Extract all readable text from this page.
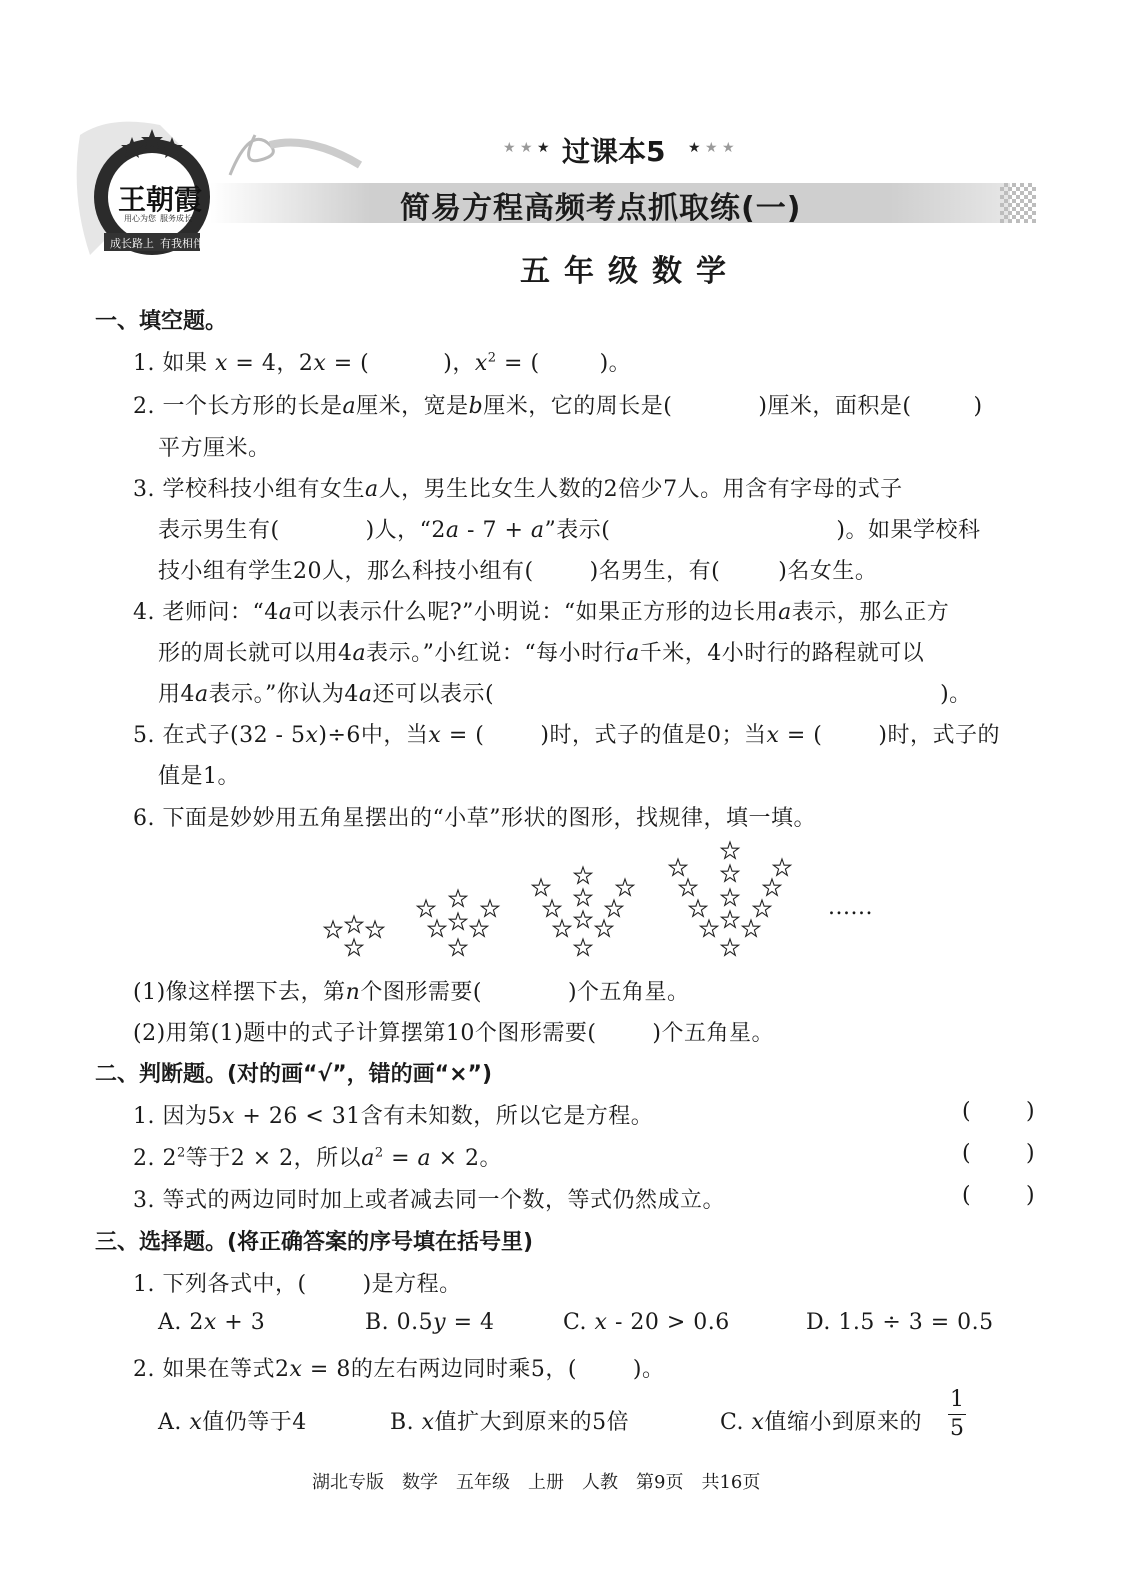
王朝霞
用心为您 服务成长
成长路上 有我相伴
★ ★ ★ 过课本5 ★ ★ ★
简易方程高频考点抓取练(一)
五年级数学
一、填空题。
1. 如果 x = 4，2x = (	)，$x^2$ = (	)。
2. 一个长方形的长是a厘米，宽是b厘米，它的周长是(	)厘米，面积是(	)
平方厘米。
3. 学校科技小组有女生a人，男生比女生人数的2倍少7人。用含有字母的式子
表示男生有(	)人，“2a - 7 + a”表示(	)。如果学校科
技小组有学生20人，那么科技小组有(	)名男生，有(	)名女生。
4. 老师问：“4a可以表示什么呢?”小明说：“如果正方形的边长用a表示，那么正方
形的周长就可以用4a表示。”小红说：“每小时行a千米，4小时行的路程就可以
用4a表示。”你认为4a还可以表示(	)。
5. 在式子(32 - 5x)÷6中，当x = (	)时，式子的值是0；当x = (	)时，式子的
值是1。
6. 下面是妙妙用五角星摆出的“小草”形状的图形，找规律，填一填。
......
(1)像这样摆下去，第n个图形需要(	)个五角星。
(2)用第(1)题中的式子计算摆第10个图形需要(	)个五角星。
二、判断题。(对的画“√”，错的画“×”)
1. 因为5x + 26 < 31含有未知数，所以它是方程。	(	)
2. $2^2$等于2 × 2，所以$a^2 = a \times 2$。	(	)
3. 等式的两边同时加上或者减去同一个数，等式仍然成立。	(	)
三、选择题。(将正确答案的序号填在括号里)
1. 下列各式中，(	)是方程。
A. 2x + 3	B. 0.5y = 4	C. x - 20 > 0.6	D. 1.5 ÷ 3 = 0.5
2. 如果在等式2x = 8的左右两边同时乘5，(	)。
A. x值仍等于4	B. x值扩大到原来的5倍	C. x值缩小到原来的
1
5
湖北专版　数学　五年级　上册　人教　第9页　共16页
